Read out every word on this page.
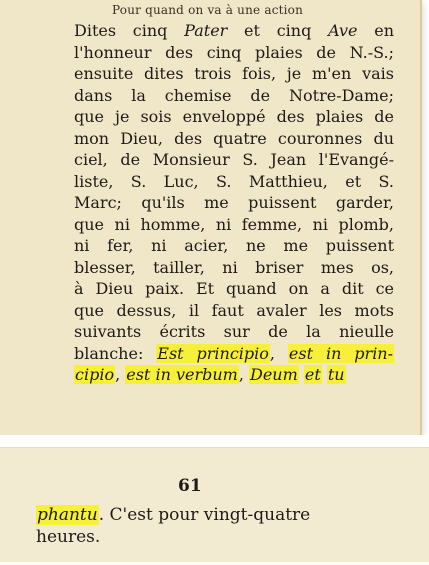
Pour quand on va à une action
Dites cinq Pater et cinq Ave en
l'honneur des cinq plaies de N.-S.;
ensuite dites trois fois, je m'en vais
dans la chemise de Notre-Dame;
que je sois enveloppé des plaies de
mon Dieu, des quatre couronnes du
ciel, de Monsieur S. Jean l'Evangé-
liste, S. Luc, S. Matthieu, et S.
Marc; qu'ils me puissent garder,
que ni homme, ni femme, ni plomb,
ni fer, ni acier, ne me puissent
blesser, tailler, ni briser mes os,
à Dieu paix. Et quand on a dit ce
que dessus, il faut avaler les mots
suivants écrits sur de la nieulle
blanche: Est principio, est in prin-
cipio, est in verbum, Deum et tu
61
phantu. C'est pour vingt-quatre
heures.
